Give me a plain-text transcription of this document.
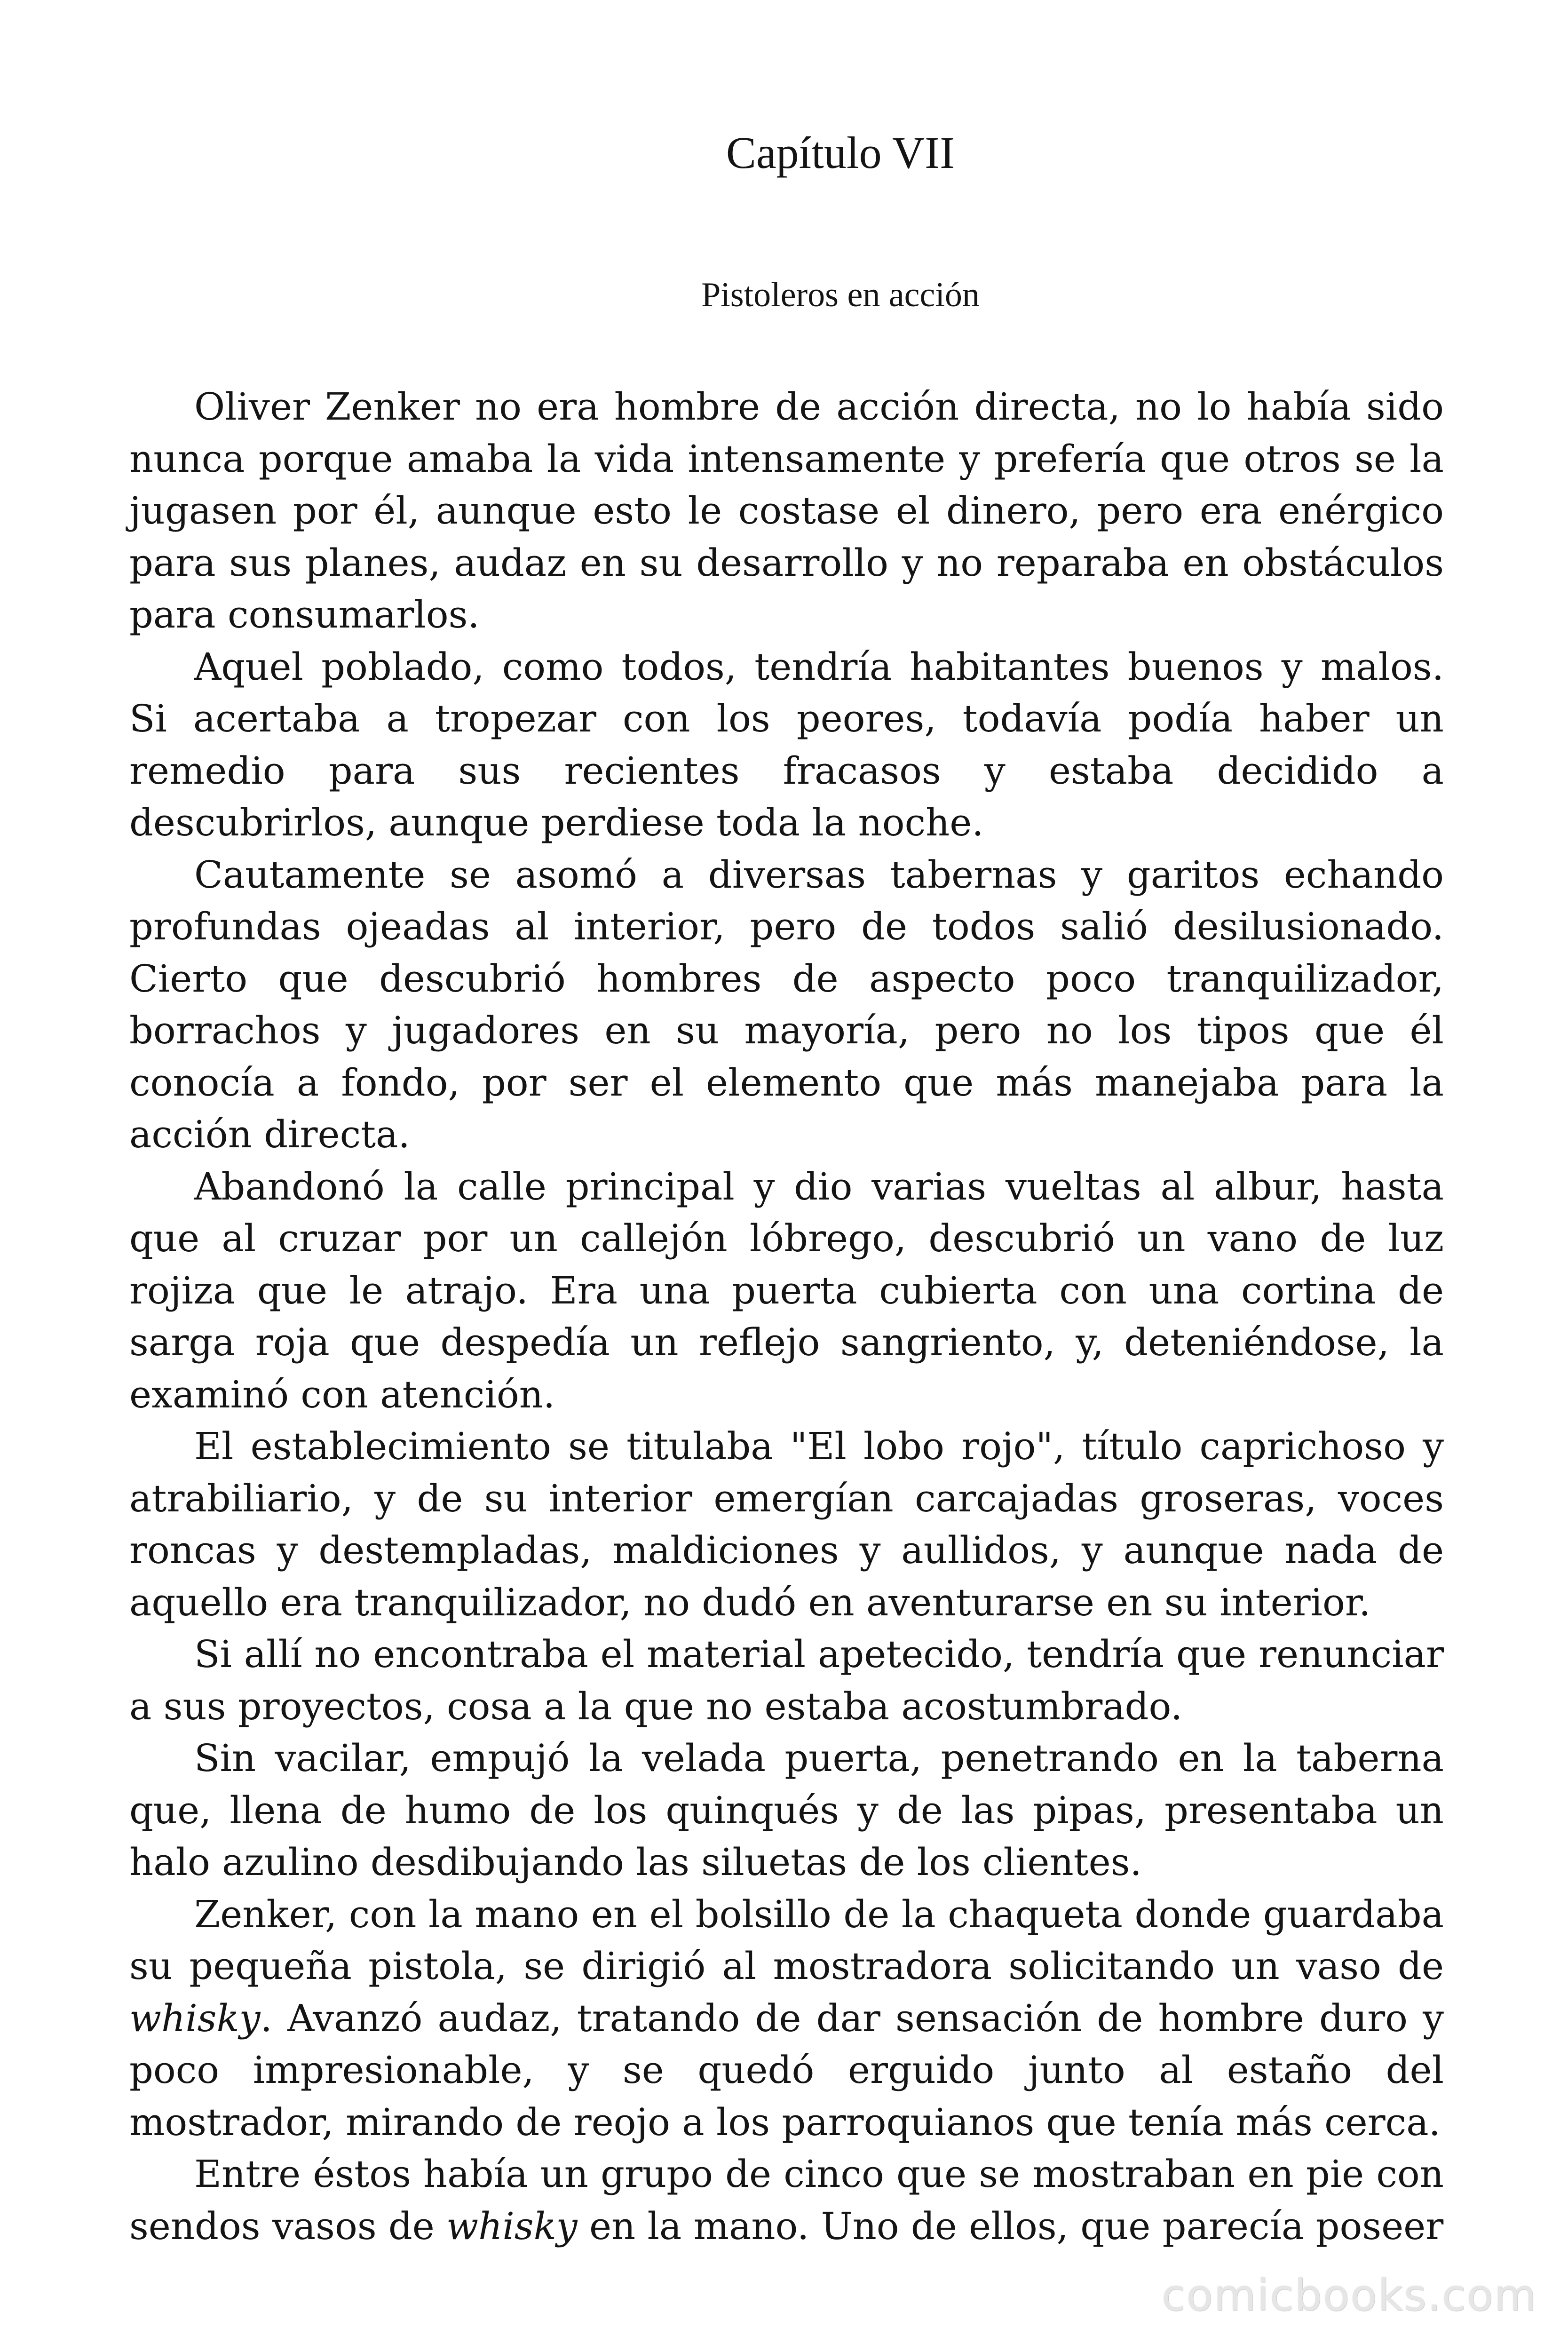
Capítulo VII
Pistoleros en acción

Oliver Zenker no era hombre de acción directa, no lo había sido nunca porque amaba la vida intensamente y prefería que otros se la jugasen por él, aunque esto le costase el dinero, pero era enérgico para sus planes, audaz en su desarrollo y no reparaba en obstáculos para consumarlos.

Aquel poblado, como todos, tendría habitantes buenos y malos. Si acertaba a tropezar con los peores, todavía podía haber un remedio para sus recientes fracasos y estaba decidido a descubrirlos, aunque perdiese toda la noche.

Cautamente se asomó a diversas tabernas y garitos echando profundas ojeadas al interior, pero de todos salió desilusionado. Cierto que descubrió hombres de aspecto poco tranquilizador, borrachos y jugadores en su mayoría, pero no los tipos que él conocía a fondo, por ser el elemento que más manejaba para la acción directa.

Abandonó la calle principal y dio varias vueltas al albur, hasta que al cruzar por un callejón lóbrego, descubrió un vano de luz rojiza que le atrajo. Era una puerta cubierta con una cortina de sarga roja que despedía un reflejo sangriento, y, deteniéndose, la examinó con atención.

El establecimiento se titulaba "El lobo rojo", título caprichoso y atrabiliario, y de su interior emergían carcajadas groseras, voces roncas y destempladas, maldiciones y aullidos, y aunque nada de aquello era tranquilizador, no dudó en aventurarse en su interior.

Si allí no encontraba el material apetecido, tendría que renunciar a sus proyectos, cosa a la que no estaba acostumbrado.

Sin vacilar, empujó la velada puerta, penetrando en la taberna que, llena de humo de los quinqués y de las pipas, presentaba un halo azulino desdibujando las siluetas de los clientes.

Zenker, con la mano en el bolsillo de la chaqueta donde guardaba su pequeña pistola, se dirigió al mostradora solicitando un vaso de whisky. Avanzó audaz, tratando de dar sensación de hombre duro y poco impresionable, y se quedó erguido junto al estaño del mostrador, mirando de reojo a los parroquianos que tenía más cerca.

Entre éstos había un grupo de cinco que se mostraban en pie con sendos vasos de whisky en la mano. Uno de ellos, que parecía poseer

comicbooks.com
